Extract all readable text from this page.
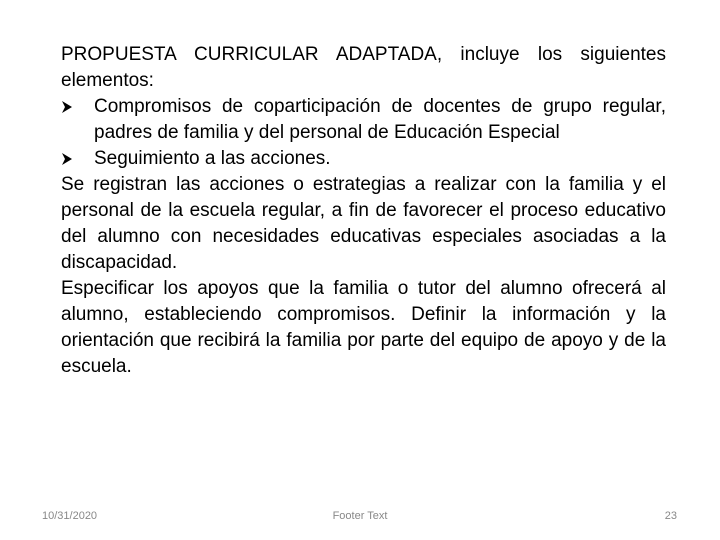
PROPUESTA CURRICULAR ADAPTADA, incluye los siguientes elementos:

Compromisos de coparticipación de docentes de grupo regular, padres de familia y del personal de Educación Especial

Seguimiento a las acciones.

Se registran las acciones o estrategias a realizar con la familia y el personal de la escuela regular, a fin de favorecer el proceso educativo del alumno con necesidades educativas especiales asociadas a la discapacidad.

Especificar los apoyos que la familia o tutor del alumno ofrecerá al alumno, estableciendo compromisos. Definir la información y la orientación que recibirá la familia por parte del equipo de apoyo y de la escuela.

10/31/2020	Footer Text	23
